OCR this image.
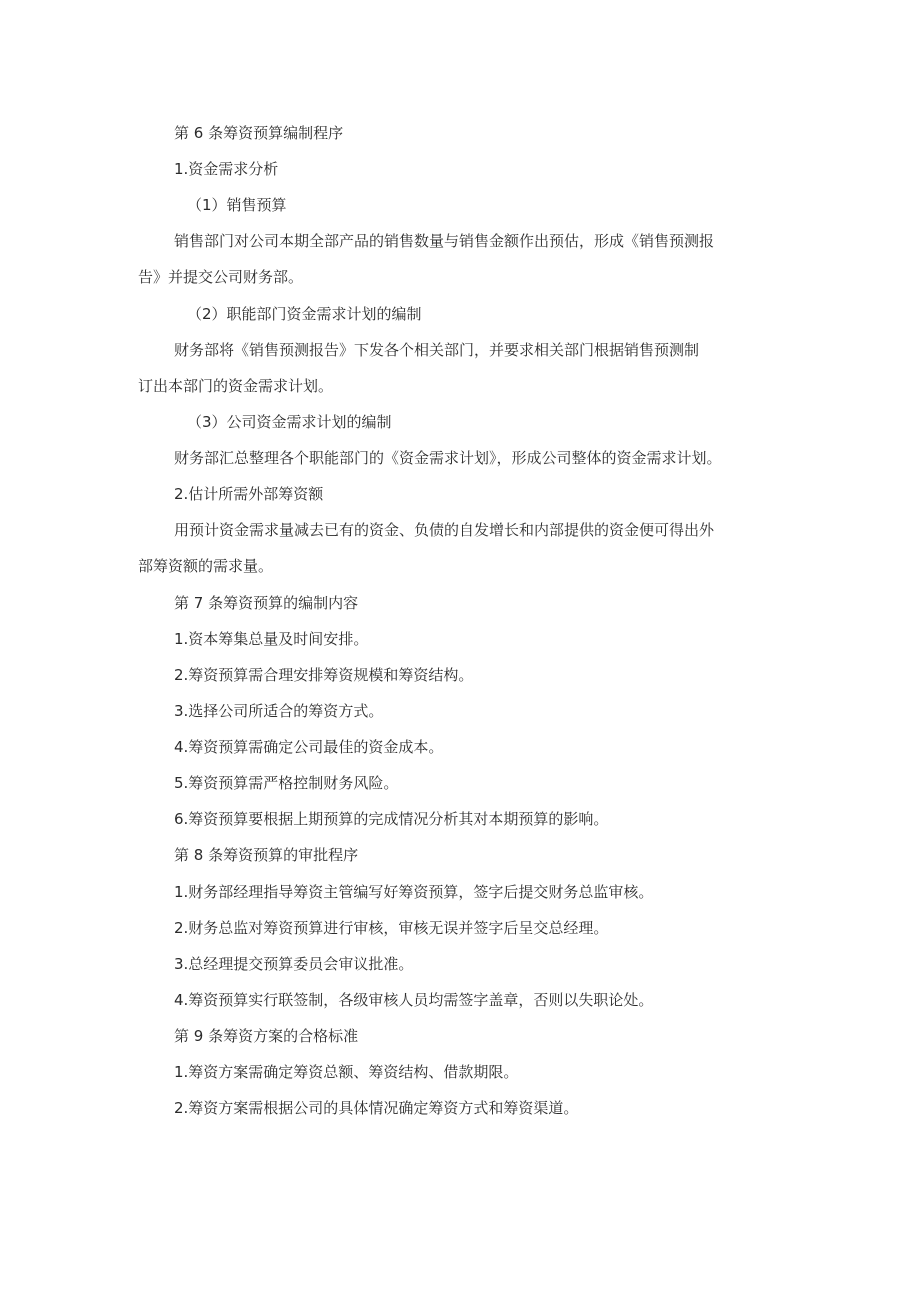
第 6 条筹资预算编制程序

1.资金需求分析

（1）销售预算

销售部门对公司本期全部产品的销售数量与销售金额作出预估，形成《销售预测报

告》并提交公司财务部。

（2）职能部门资金需求计划的编制

财务部将《销售预测报告》下发各个相关部门，并要求相关部门根据销售预测制

订出本部门的资金需求计划。

（3）公司资金需求计划的编制

财务部汇总整理各个职能部门的《资金需求计划》，形成公司整体的资金需求计划。

2.估计所需外部筹资额

用预计资金需求量减去已有的资金、负债的自发增长和内部提供的资金便可得出外

部筹资额的需求量。

第 7 条筹资预算的编制内容

1.资本筹集总量及时间安排。

2.筹资预算需合理安排筹资规模和筹资结构。

3.选择公司所适合的筹资方式。

4.筹资预算需确定公司最佳的资金成本。

5.筹资预算需严格控制财务风险。

6.筹资预算要根据上期预算的完成情况分析其对本期预算的影响。

第 8 条筹资预算的审批程序

1.财务部经理指导筹资主管编写好筹资预算，签字后提交财务总监审核。

2.财务总监对筹资预算进行审核，审核无误并签字后呈交总经理。

3.总经理提交预算委员会审议批准。

4.筹资预算实行联签制，各级审核人员均需签字盖章，否则以失职论处。

第 9 条筹资方案的合格标准

1.筹资方案需确定筹资总额、筹资结构、借款期限。

2.筹资方案需根据公司的具体情况确定筹资方式和筹资渠道。
